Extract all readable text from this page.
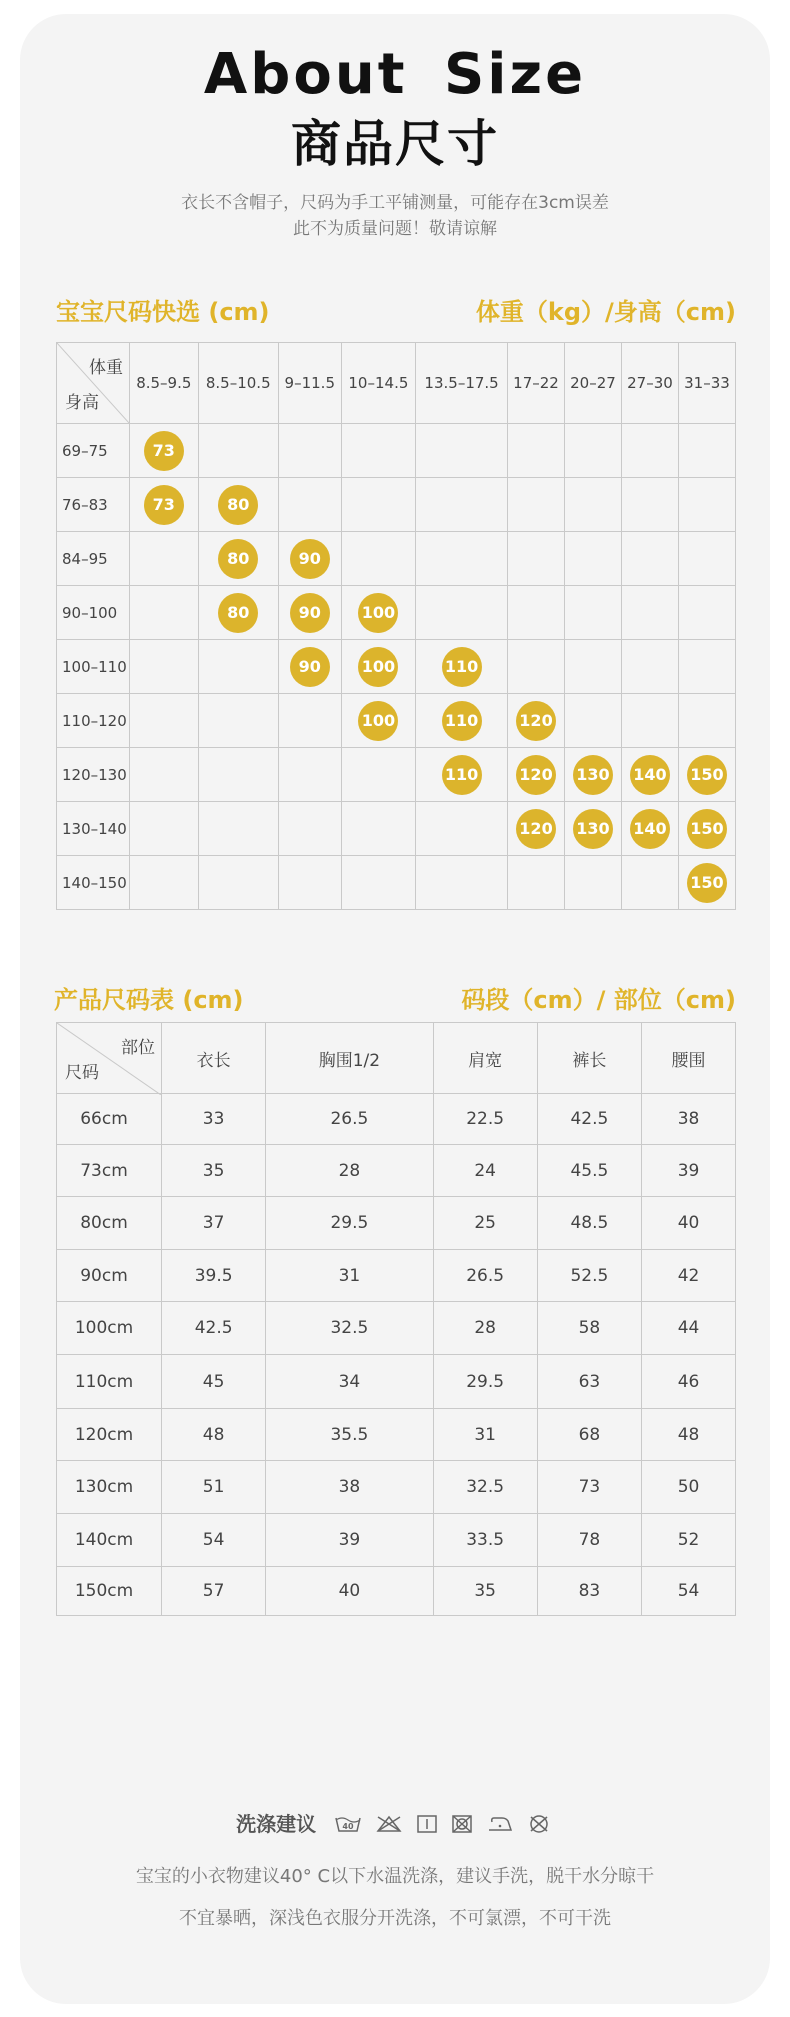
About Size
商品尺寸
衣长不含帽子，尺码为手工平铺测量，可能存在3cm误差
此不为质量问题！敬请谅解
宝宝尺码快选 (cm)	体重（kg）/身高（cm)
体重
身高	8.5–9.5	8.5–10.5	9–11.5	10–14.5	13.5–17.5	17–22	20–27	27–30	31–33
69–75	73								
76–83	73	80							
84–95		80	90						
90–100		80	90	100					
100–110			90	100	110				
110–120				100	110	120			
120–130					110	120	130	140	150
130–140						120	130	140	150
140–150									150
产品尺码表 (cm)	码段（cm）/ 部位（cm)
部位
尺码	衣长	胸围1/2	肩宽	裤长	腰围
66cm	33	26.5	22.5	42.5	38
73cm	35	28	24	45.5	39
80cm	37	29.5	25	48.5	40
90cm	39.5	31	26.5	52.5	42
100cm	42.5	32.5	28	58	44
110cm	45	34	29.5	63	46
120cm	48	35.5	31	68	48
130cm	51	38	32.5	73	50
140cm	54	39	33.5	78	52
150cm	57	40	35	83	54
洗涤建议	40

宝宝的小衣物建议40° C以下水温洗涤，建议手洗，脱干水分晾干
不宜暴晒，深浅色衣服分开洗涤，不可氯漂，不可干洗
